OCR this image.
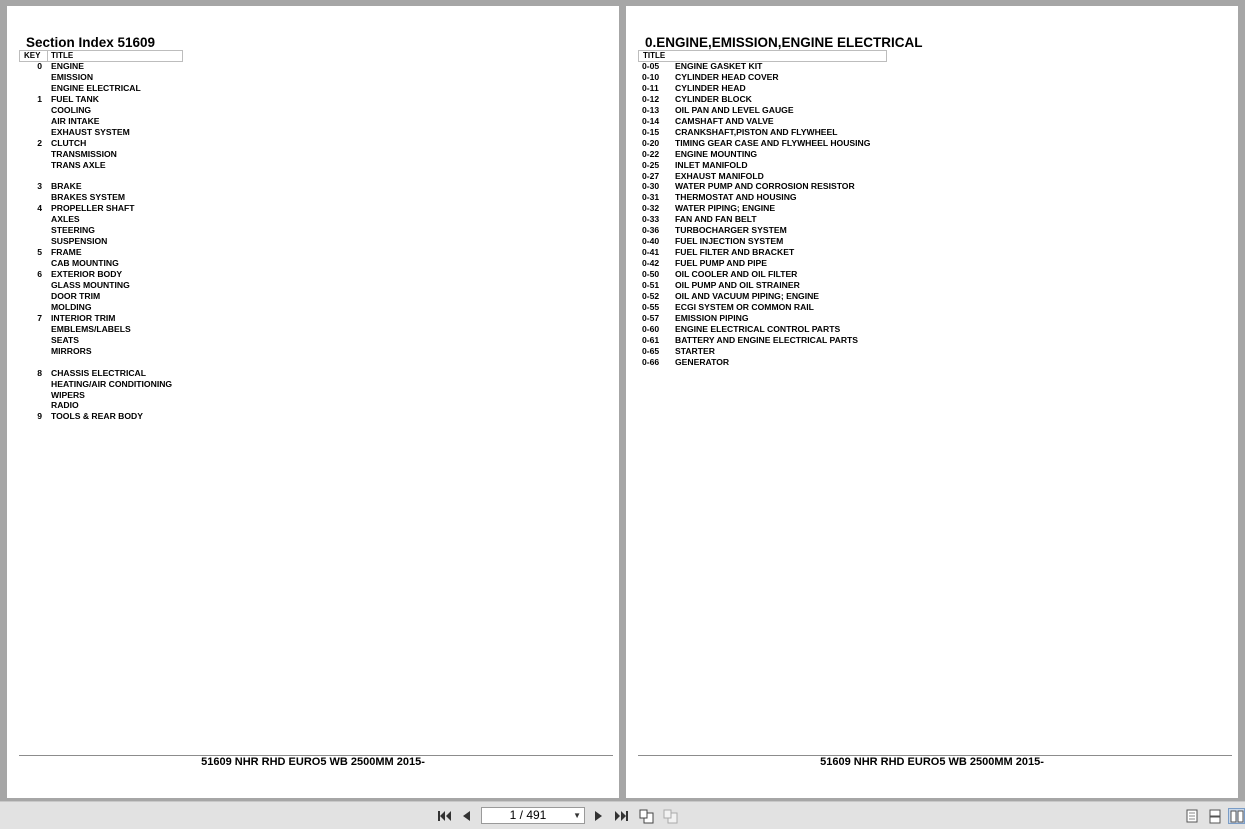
Section Index 51609
KEY TITLE
0 ENGINE
EMISSION
ENGINE ELECTRICAL
1 FUEL TANK
COOLING
AIR INTAKE
EXHAUST SYSTEM
2 CLUTCH
TRANSMISSION
TRANS AXLE
3 BRAKE
BRAKES SYSTEM
4 PROPELLER SHAFT
AXLES
STEERING
SUSPENSION
5 FRAME
CAB MOUNTING
6 EXTERIOR BODY
GLASS MOUNTING
DOOR TRIM
MOLDING
7 INTERIOR TRIM
EMBLEMS/LABELS
SEATS
MIRRORS
8 CHASSIS ELECTRICAL
HEATING/AIR CONDITIONING
WIPERS
RADIO
9 TOOLS & REAR BODY
51609 NHR RHD EURO5 WB 2500MM 2015-
0.ENGINE,EMISSION,ENGINE ELECTRICAL
TITLE
0-05 ENGINE GASKET KIT
0-10 CYLINDER HEAD COVER
0-11 CYLINDER HEAD
0-12 CYLINDER BLOCK
0-13 OIL PAN AND LEVEL GAUGE
0-14 CAMSHAFT AND VALVE
0-15 CRANKSHAFT,PISTON AND FLYWHEEL
0-20 TIMING GEAR CASE AND FLYWHEEL HOUSING
0-22 ENGINE MOUNTING
0-25 INLET MANIFOLD
0-27 EXHAUST MANIFOLD
0-30 WATER PUMP AND CORROSION RESISTOR
0-31 THERMOSTAT AND HOUSING
0-32 WATER PIPING; ENGINE
0-33 FAN AND FAN BELT
0-36 TURBOCHARGER SYSTEM
0-40 FUEL INJECTION SYSTEM
0-41 FUEL FILTER AND BRACKET
0-42 FUEL PUMP AND PIPE
0-50 OIL COOLER AND OIL FILTER
0-51 OIL PUMP AND OIL STRAINER
0-52 OIL AND VACUUM PIPING; ENGINE
0-55 ECGI SYSTEM OR COMMON RAIL
0-57 EMISSION PIPING
0-60 ENGINE ELECTRICAL CONTROL PARTS
0-61 BATTERY AND ENGINE ELECTRICAL PARTS
0-65 STARTER
0-66 GENERATOR
51609 NHR RHD EURO5 WB 2500MM 2015-
1 / 491	▼
